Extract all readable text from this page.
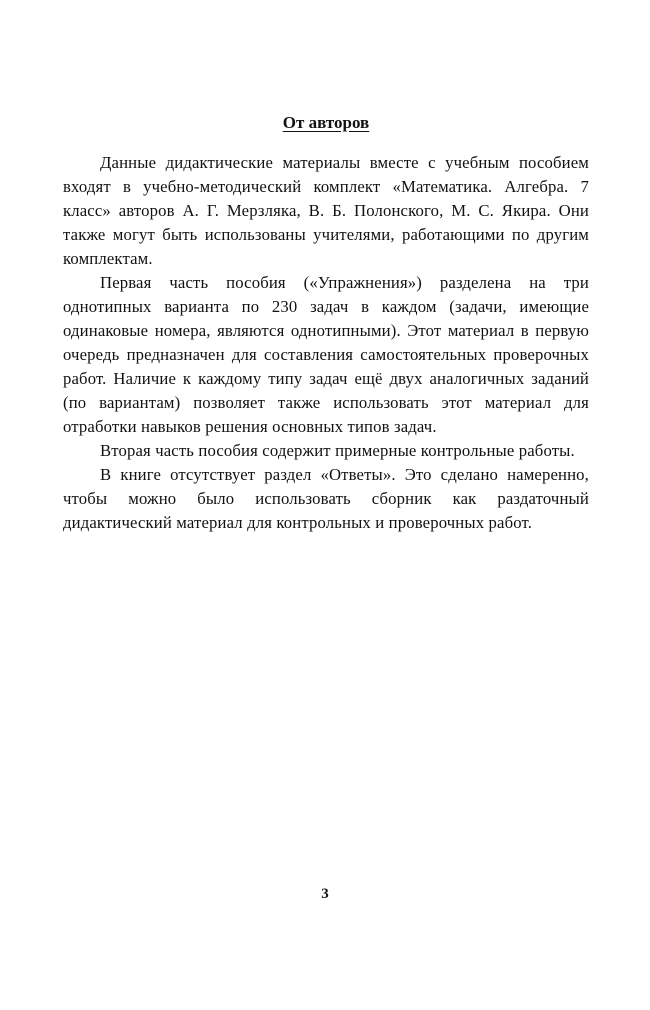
От авторов

Данные дидактические материалы вместе с учебным пособием входят в учебно-методический комплект «Математика. Алгебра. 7 класс» авторов А. Г. Мерзляка, В. Б. Полонского, М. С. Якира. Они также могут быть использованы учителями, работающими по другим комплектам.

Первая часть пособия («Упражнения») разделена на три однотипных варианта по 230 задач в каждом (задачи, имеющие одинаковые номера, являются однотипными). Этот материал в первую очередь предназначен для составления самостоятельных проверочных работ. Наличие к каждому типу задач ещё двух аналогичных заданий (по вариантам) позволяет также использовать этот материал для отработки навыков решения основных типов задач.

Вторая часть пособия содержит примерные контрольные работы.

В книге отсутствует раздел «Ответы». Это сделано намеренно, чтобы можно было использовать сборник как раздаточный дидактический материал для контрольных и проверочных работ.

3
